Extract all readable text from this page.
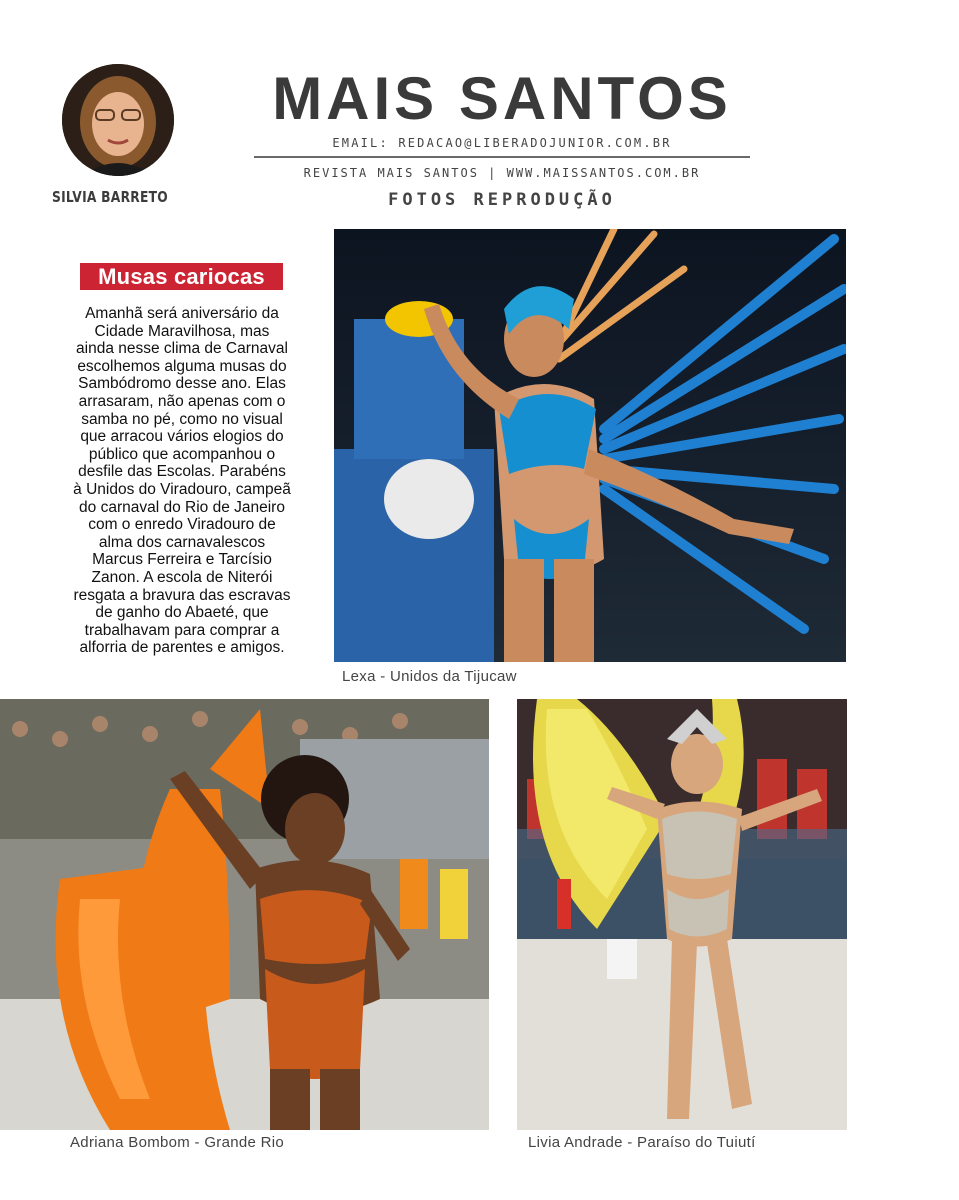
SILVIA BARRETO
MAIS SANTOS
EMAIL: REDACAO@LIBERADOJUNIOR.COM.BR
REVISTA MAIS SANTOS | WWW.MAISSANTOS.COM.BR
FOTOS REPRODUÇÃO
Musas cariocas
Amanhã será aniversário da
Cidade Maravilhosa, mas
ainda nesse clima de Carnaval
escolhemos alguma musas do
Sambódromo desse ano. Elas
arrasaram, não apenas com o
samba no pé, como no visual
que arracou vários elogios do
público que acompanhou o
desfile das Escolas. Parabéns
à Unidos do Viradouro, campeã
do carnaval do Rio de Janeiro
com o enredo Viradouro de
alma dos carnavalescos
Marcus Ferreira e Tarcísio
Zanon. A escola de Niterói
resgata a bravura das escravas
de ganho do Abaeté, que
trabalhavam para comprar a
alforria de parentes e amigos.
Lexa - Unidos da Tijucaw
Adriana Bombom - Grande Rio	Livia Andrade - Paraíso do Tuiutí
